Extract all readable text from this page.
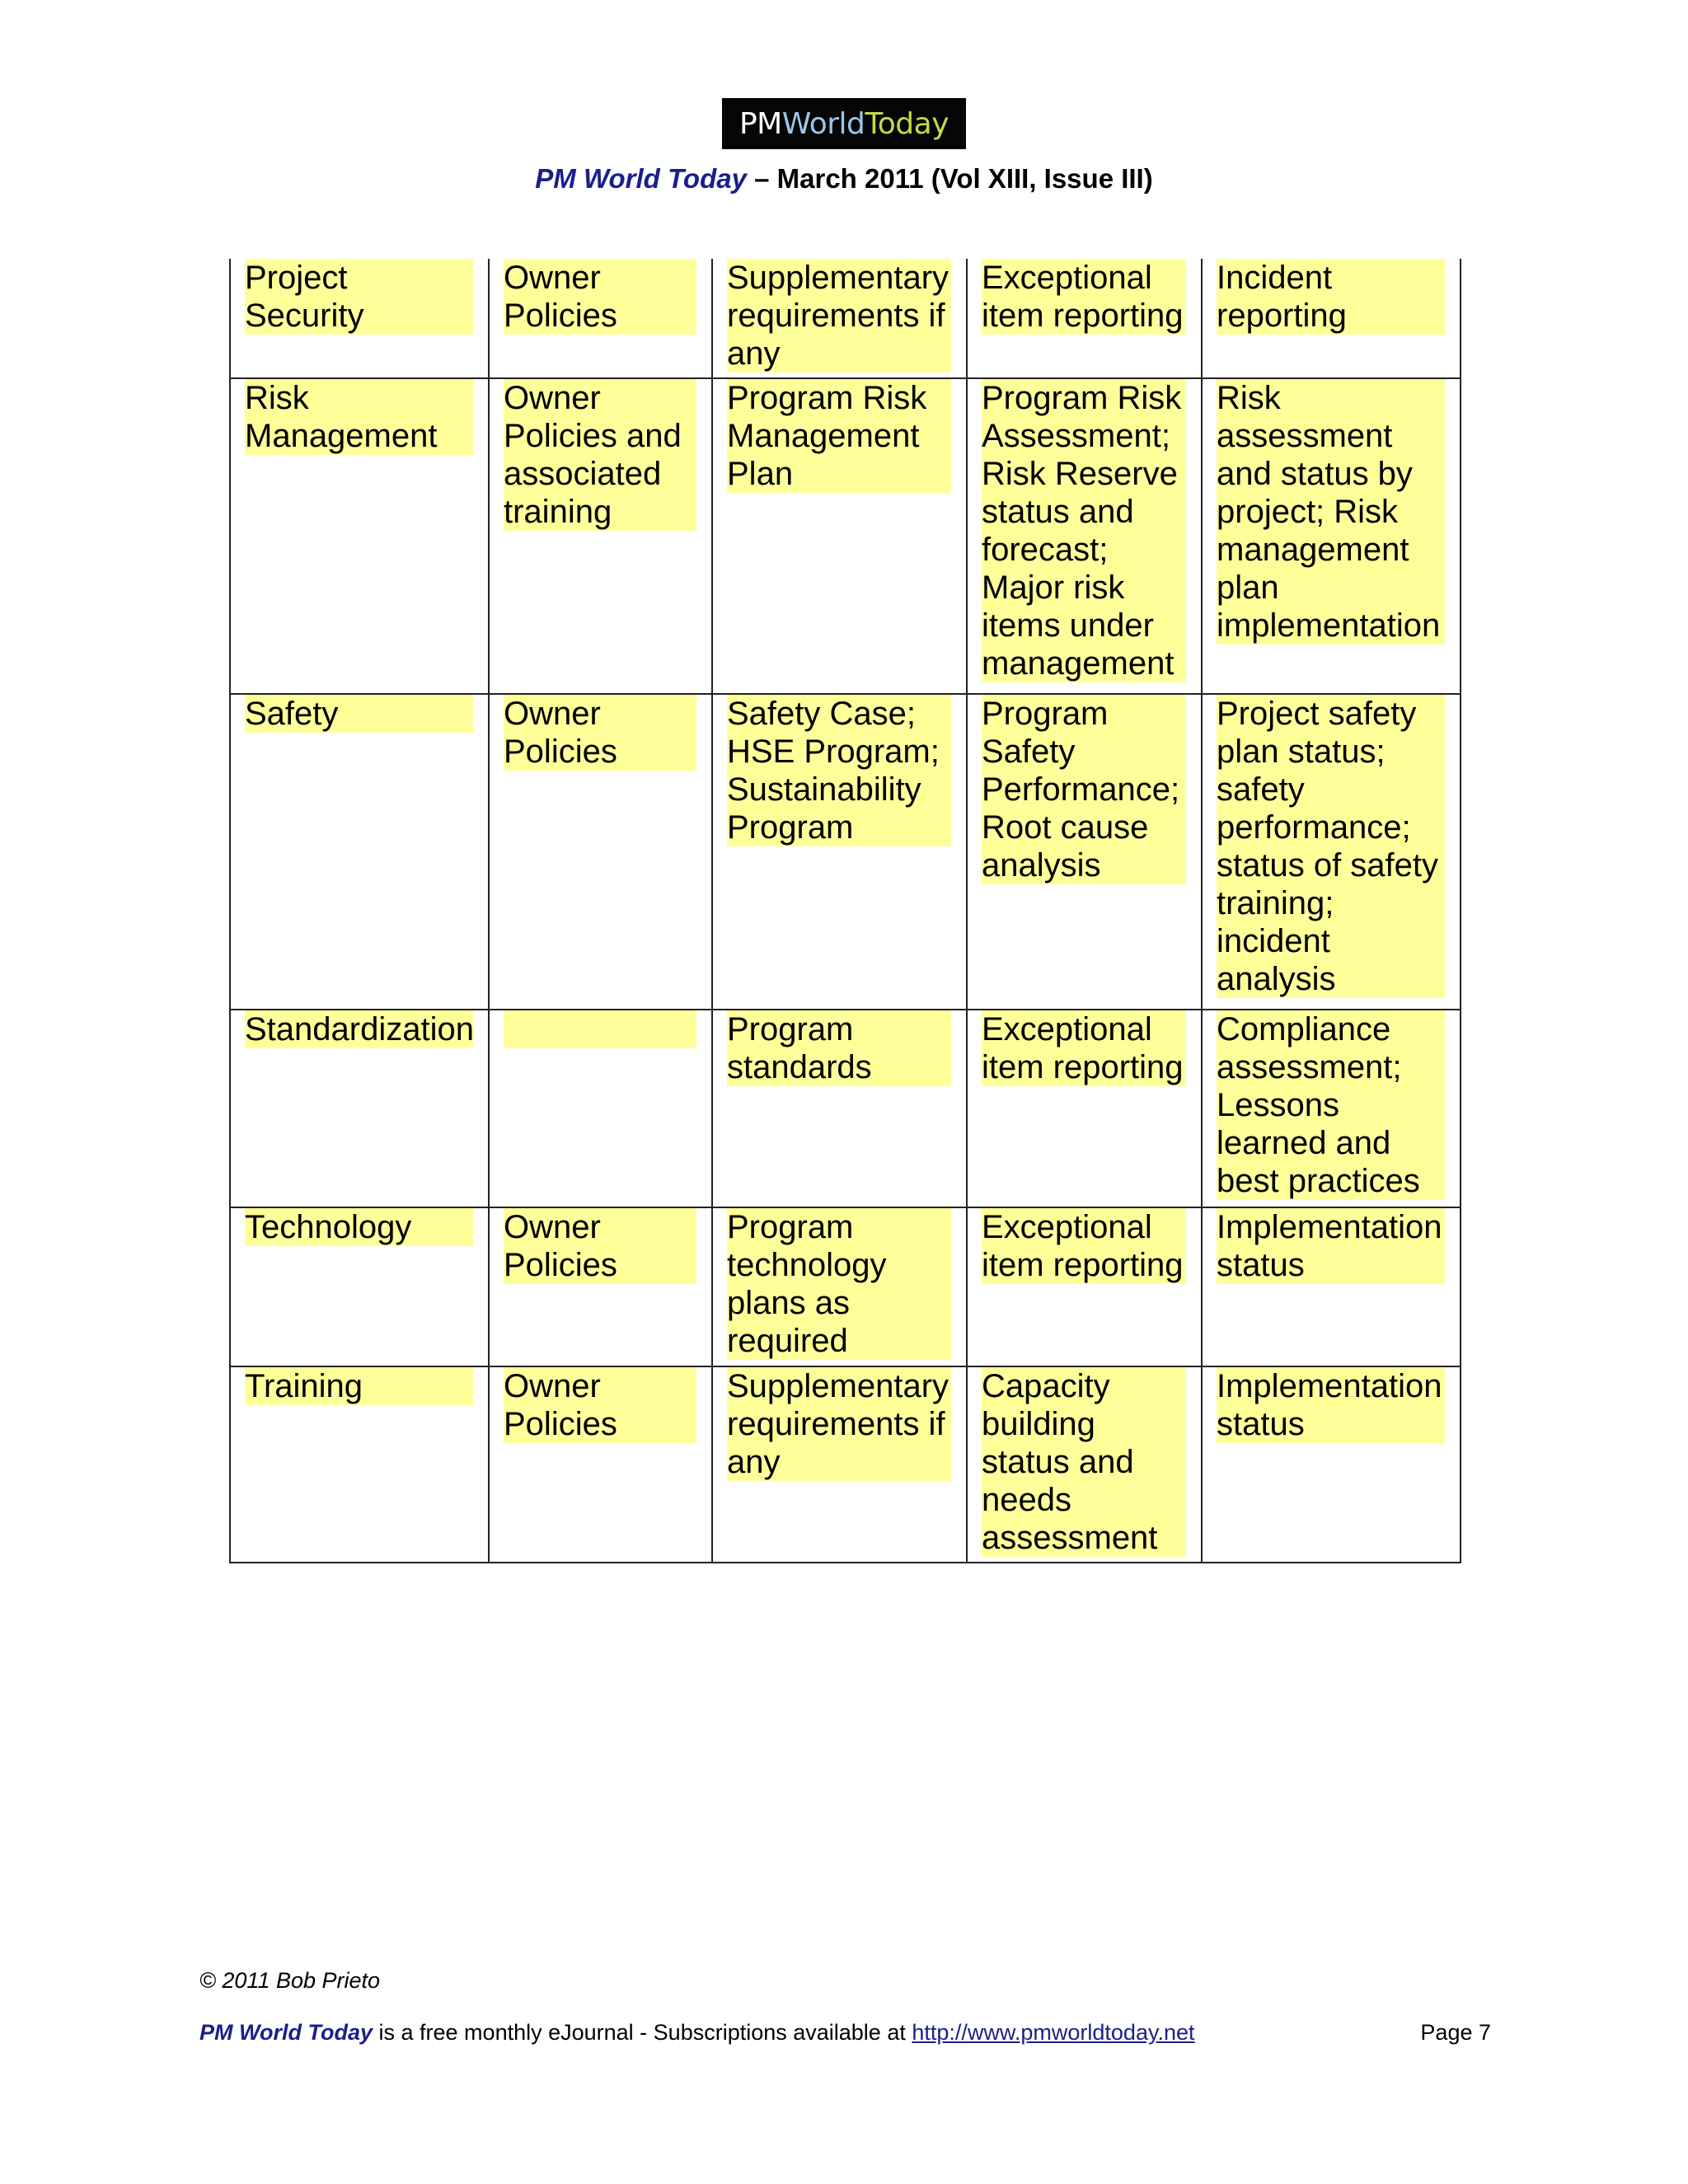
PM World Today
PM World Today – March 2011 (Vol XIII, Issue III)
Project Security	Owner Policies	Supplementary requirements if any	Exceptional item reporting	Incident reporting

Risk Management	Owner Policies and associated training	Program Risk Management Plan	Program Risk Assessment; Risk Reserve status and forecast; Major risk items under management	Risk assessment and status by project; Risk management plan implementation

Safety	Owner Policies	Safety Case; HSE Program; Sustainability Program	Program Safety Performance; Root cause analysis	Project safety plan status; safety performance; status of safety training; incident analysis

Standardization		Program standards	Exceptional item reporting	Compliance assessment; Lessons learned and best practices

Technology	Owner Policies	Program technology plans as required	Exceptional item reporting	Implementation status

Training	Owner Policies	Supplementary requirements if any	Capacity building status and needs assessment	Implementation status
© 2011 Bob Prieto
PM World Today is a free monthly eJournal - Subscriptions available at http://www.pmworldtoday.net	Page 7
